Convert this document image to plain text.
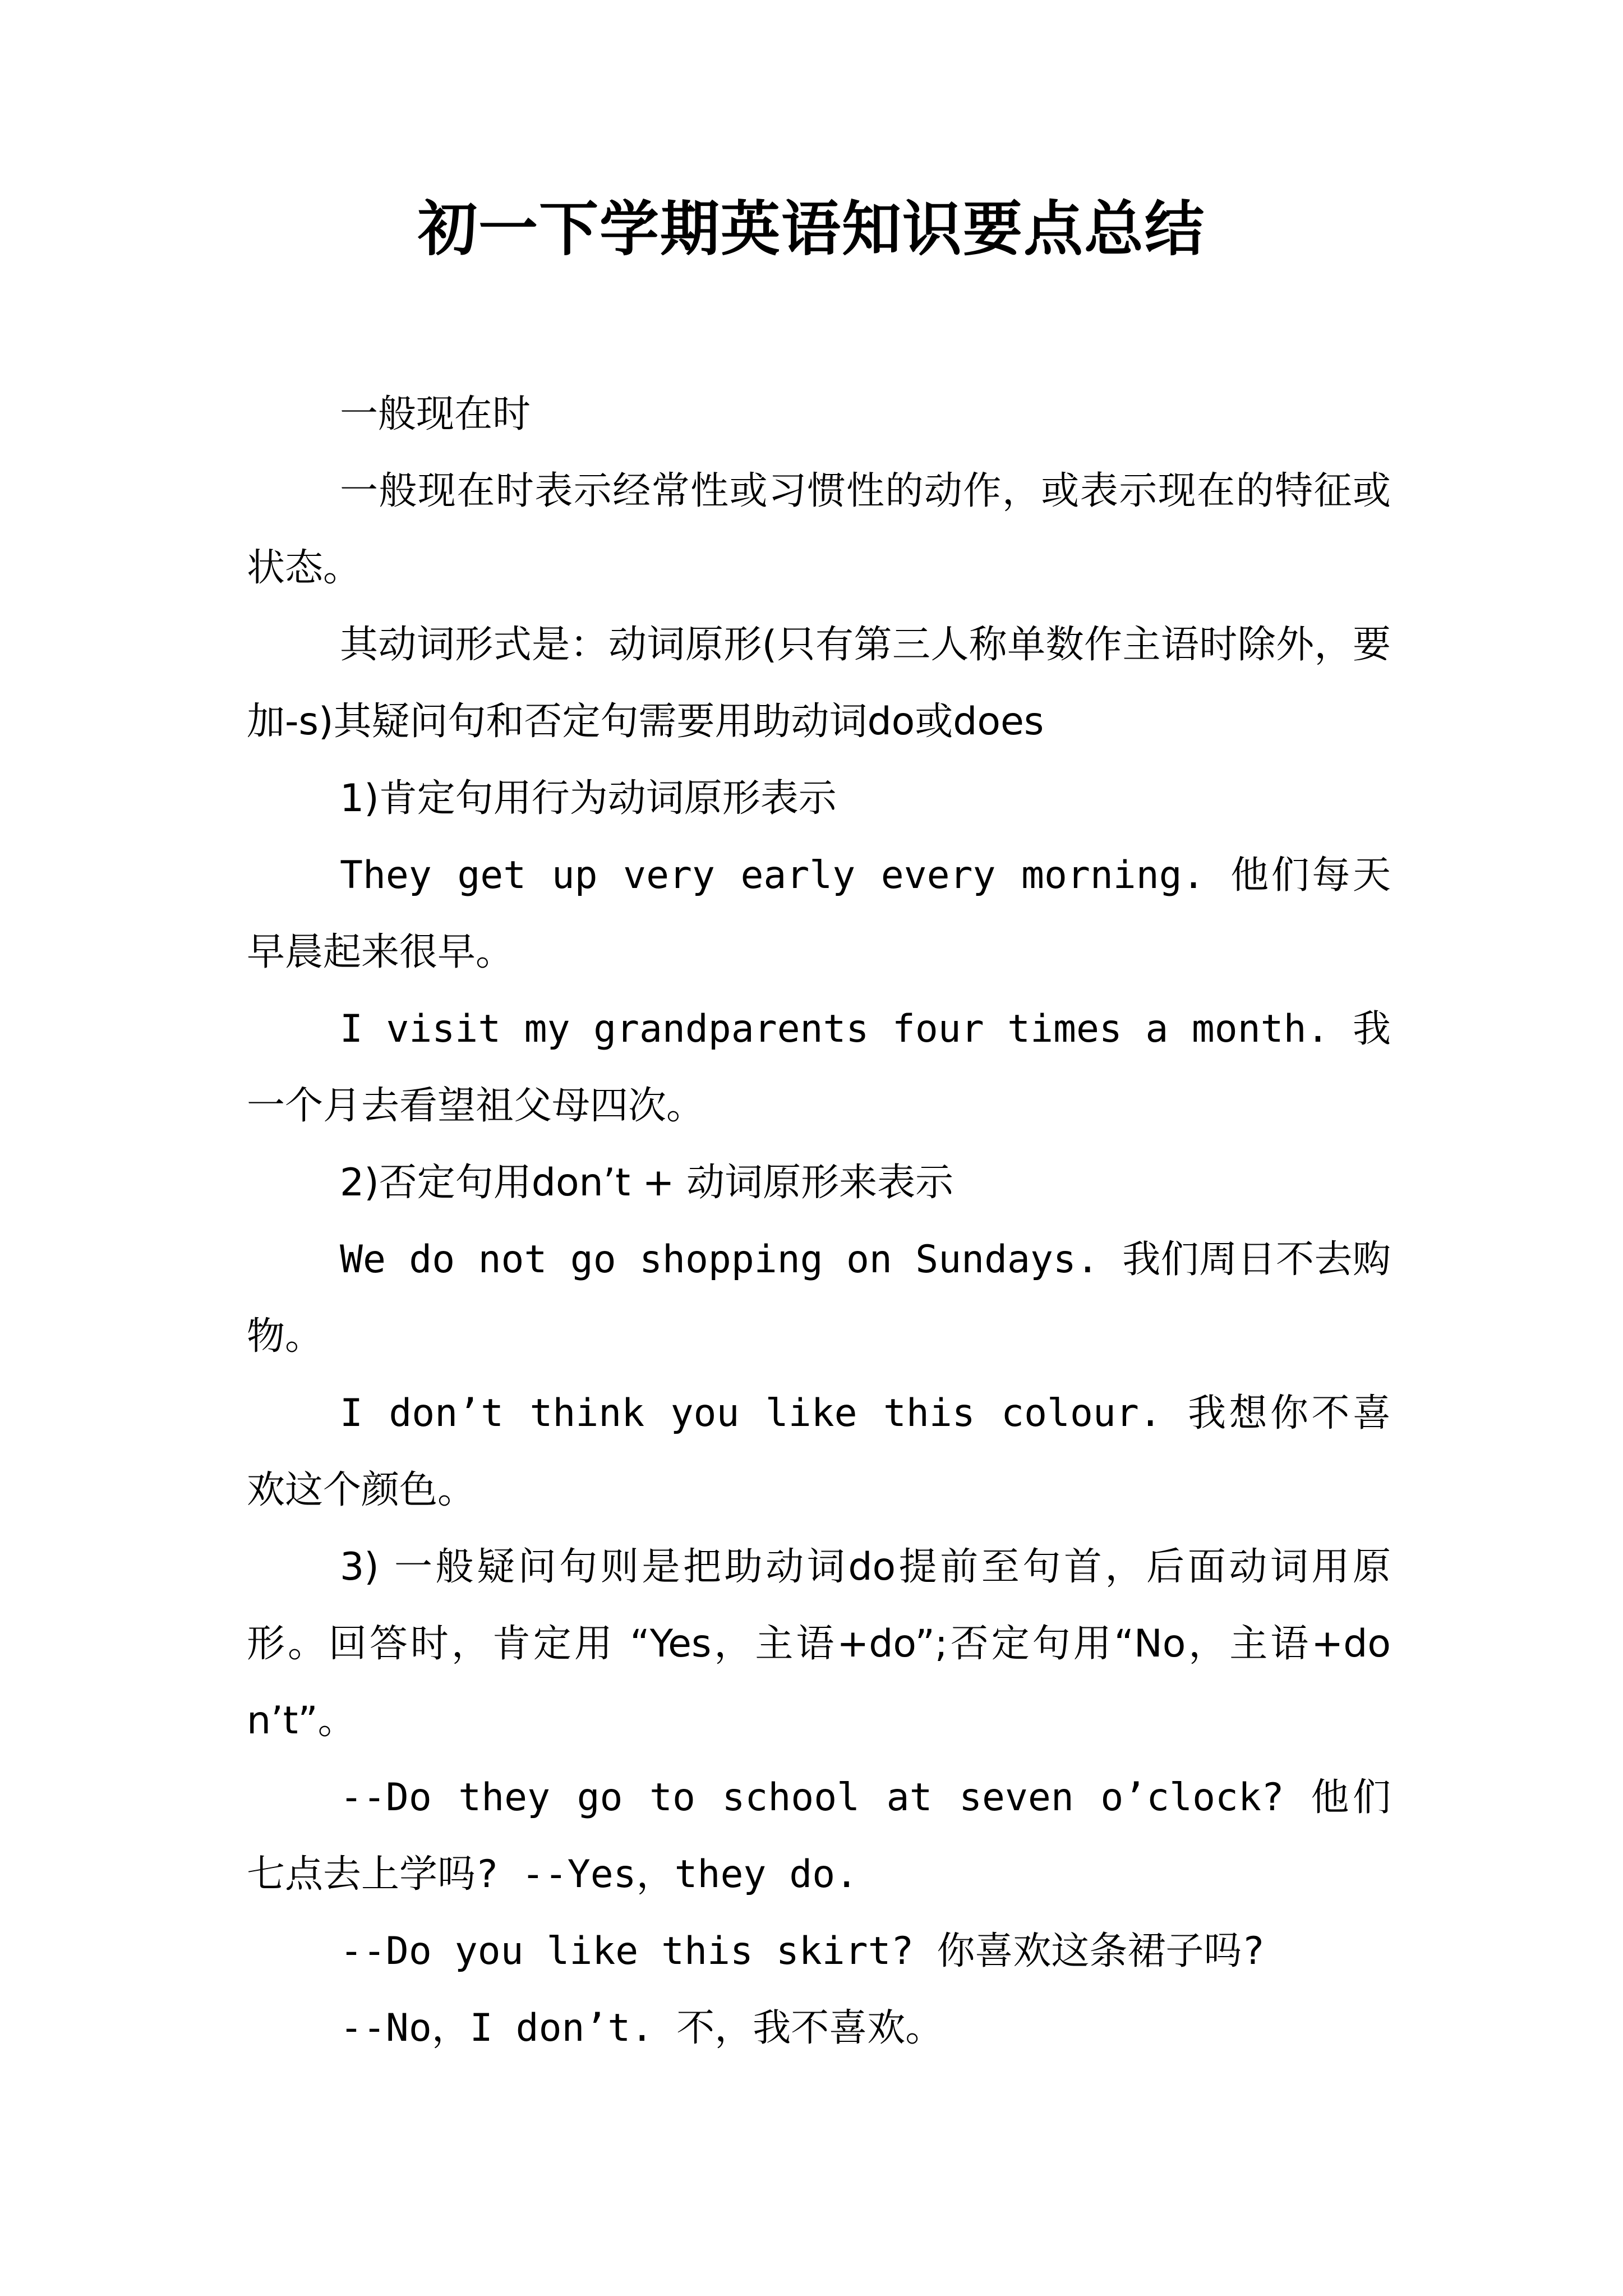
初一下学期英语知识要点总结

一般现在时

一般现在时表示经常性或习惯性的动作，或表示现在的特征或状态。

其动词形式是：动词原形(只有第三人称单数作主语时除外，要加-s)其疑问句和否定句需要用助动词do或does

1)肯定句用行为动词原形表示

They get up very early every morning. 他们每天早晨起来很早。

I visit my grandparents four times a month. 我一个月去看望祖父母四次。

2)否定句用don’t + 动词原形来表示

We do not go shopping on Sundays. 我们周日不去购物。

I don’t think you like this colour. 我想你不喜欢这个颜色。

3) 一般疑问句则是把助动词do提前至句首，后面动词用原形。回答时，肯定用 “Yes，主语+do”;否定句用“No，主语+don’t”。

--Do they go to school at seven o’clock? 他们七点去上学吗? --Yes，they do.

--Do you like this skirt? 你喜欢这条裙子吗?

--No，I don’t. 不，我不喜欢。
